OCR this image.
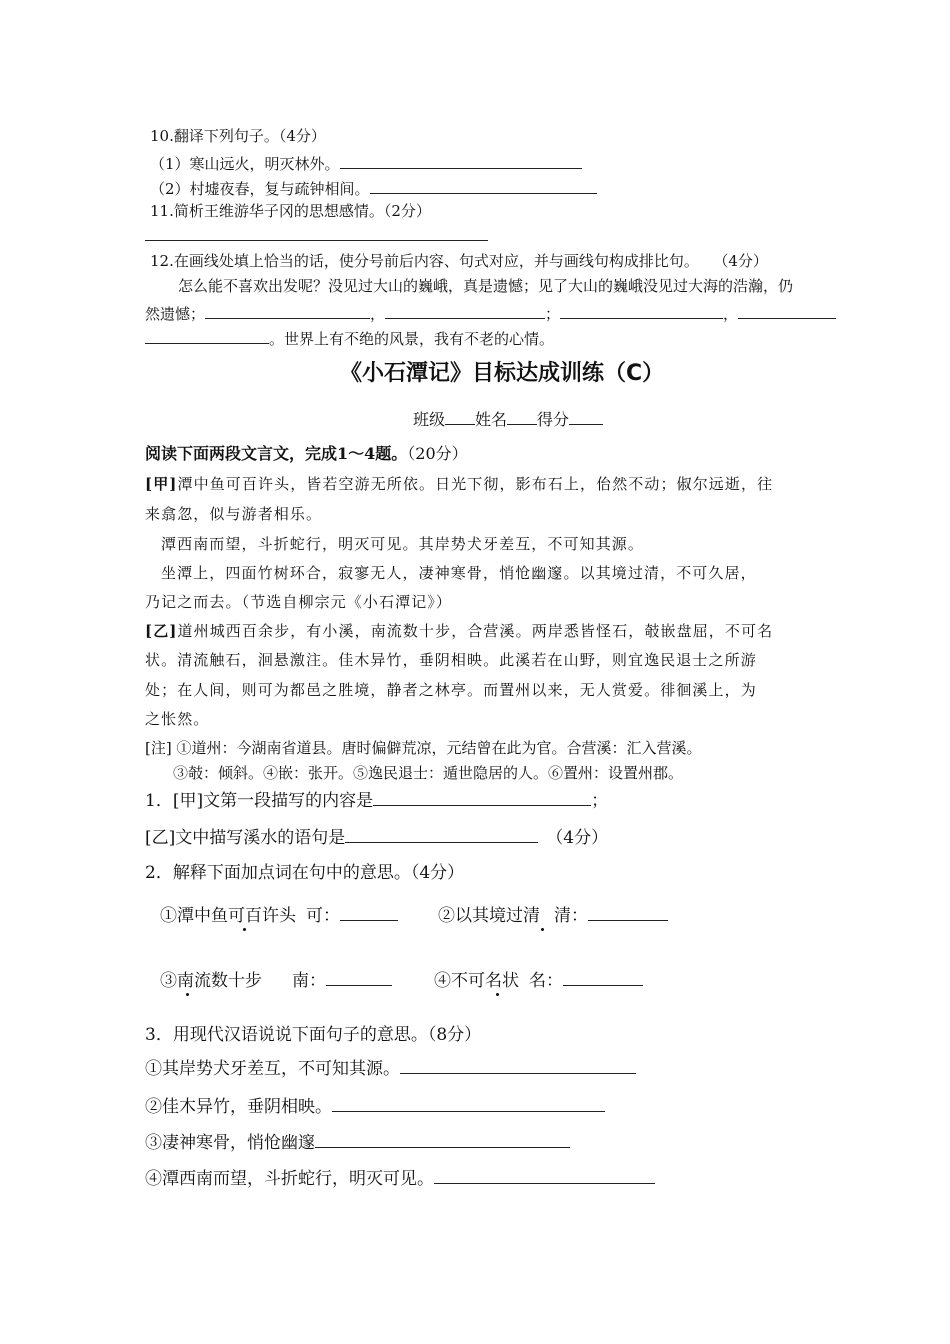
10.翻译下列句子。（4分）
（1）寒山远火，明灭林外。
（2）村墟夜春，复与疏钟相间。
11.简析王维游华子冈的思想感情。（2分）
12.在画线处填上恰当的话，使分号前后内容、句式对应，并与画线句构成排比句。 （4分）
怎么能不喜欢出发呢？没见过大山的巍峨，真是遗憾；见了大山的巍峨没见过大海的浩瀚，仍
然遗憾；	，	；	，
。世界上有不绝的风景，我有不老的心情。
《小石潭记》目标达成训练（C）
班级 姓名 得分
阅读下面两段文言文，完成1～4题。（20分）
[甲]潭中鱼可百许头，皆若空游无所依。日光下彻，影布石上，佁然不动；俶尔远逝，往
来翕忽，似与游者相乐。
潭西南而望，斗折蛇行，明灭可见。其岸势犬牙差互，不可知其源。
坐潭上，四面竹树环合，寂寥无人，凄神寒骨，悄怆幽邃。以其境过清，不可久居，
乃记之而去。（节选自柳宗元《小石潭记》）
[乙]道州城西百余步，有小溪，南流数十步，合营溪。两岸悉皆怪石，攲嵌盘屈，不可名
状。清流触石，洄悬激注。佳木异竹，垂阴相映。此溪若在山野，则宜逸民退士之所游
处；在人间，则可为都邑之胜境，静者之林亭。而置州以来，无人赏爱。徘徊溪上，为
之怅然。
[注] ①道州：今湖南省道县。唐时偏僻荒凉，元结曾在此为官。合营溪：汇入营溪。
③攲：倾斜。④嵌：张开。⑤逸民退士：遁世隐居的人。⑥置州：设置州郡。
1．[甲]文第一段描写的内容是	；
[乙]文中描写溪水的语句是	（4分）
2．解释下面加点词在句中的意思。（4分）
①潭中鱼可百许头 可：	②以其境过清 清：
③南流数十步 南：	④不可名状 名：
3．用现代汉语说说下面句子的意思。（8分）
①其岸势犬牙差互，不可知其源。
②佳木异竹，垂阴相映。
③凄神寒骨，悄怆幽邃
④潭西南而望，斗折蛇行，明灭可见。
